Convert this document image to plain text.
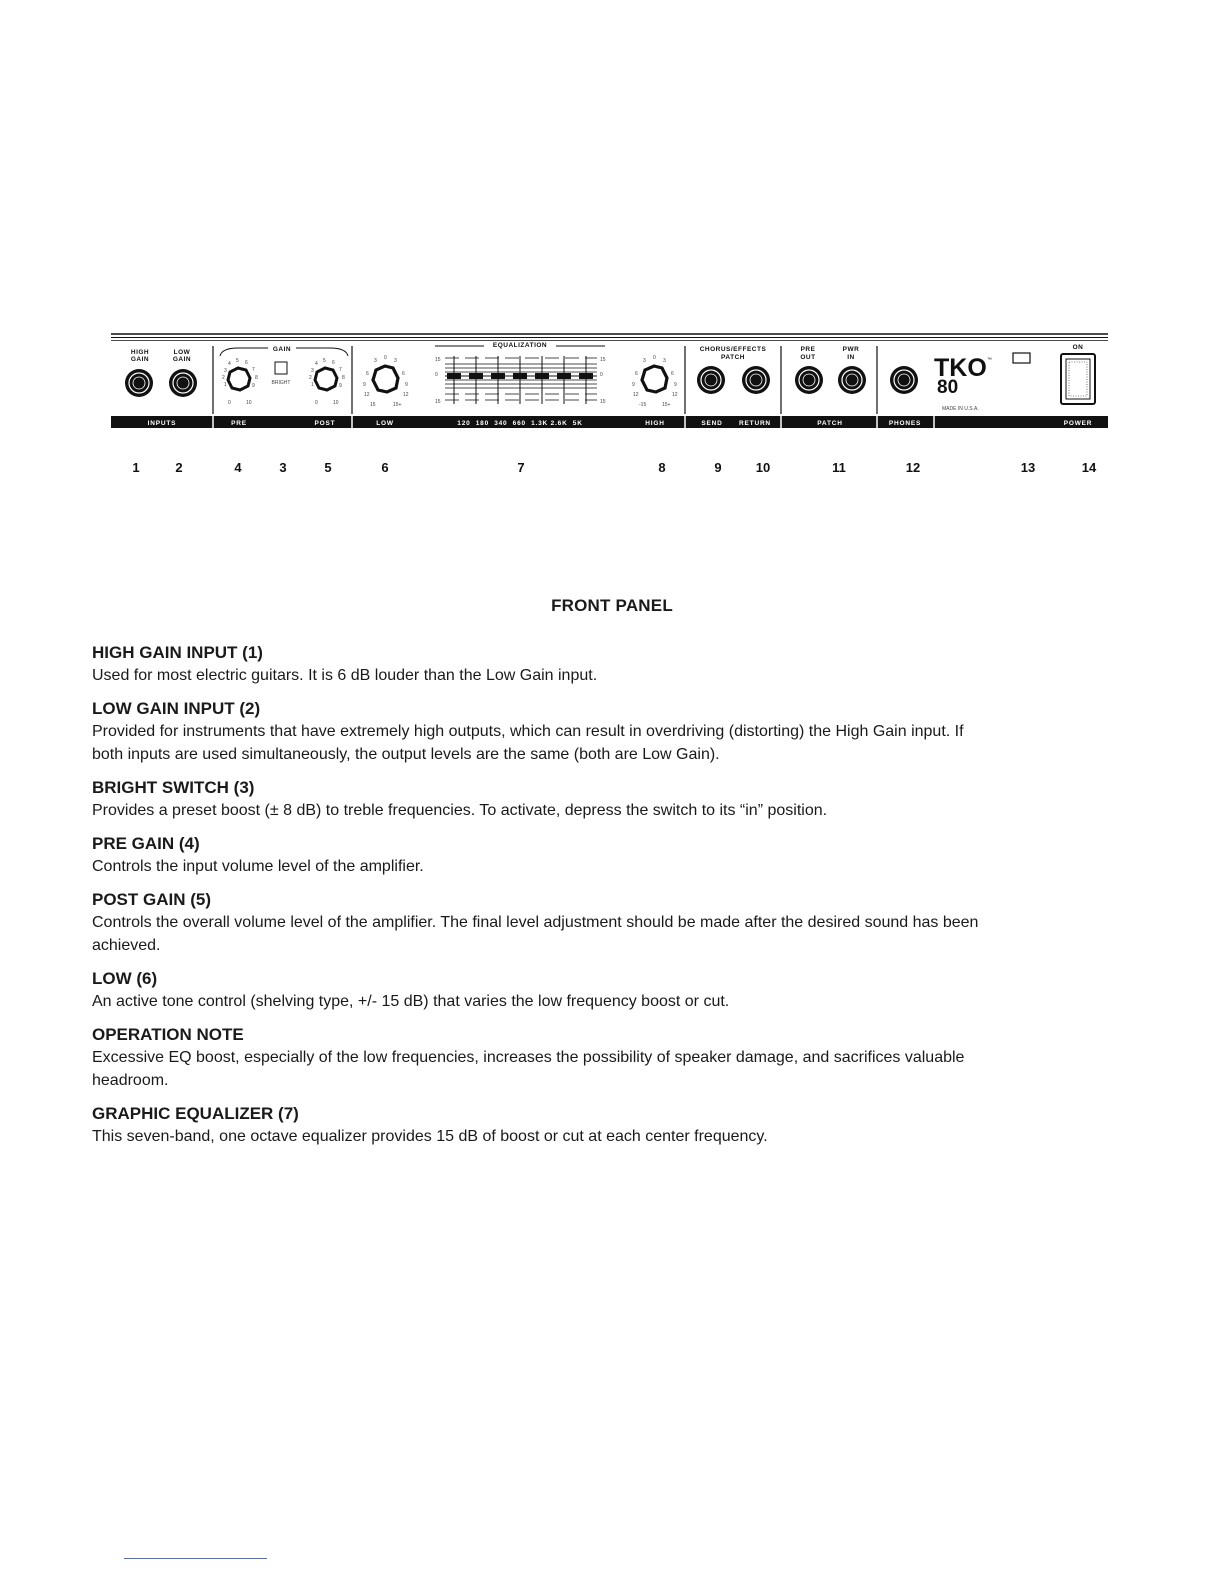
HIGH
GAIN
LOW
GAIN
GAIN
3
2
1
4 5 6
7
8
9
0	10
BRIGHT
3
2
1
4 5 6
7
8
9
0	10
3 0 3
6	6
9	9
12	12
15	15+
EQUALIZATION
15
0
15
15
0
15
3 0 3
6	6
9	9
12	12
-15	15+
CHORUS/EFFECTS
PATCH
PRE
OUT
PWR
IN	TKO ™
80
MADE IN U.S.A.
ON
INPUTS	PRE	POST	LOW	120  180  340  660  1.3K 2.6K  5K	HIGH	SEND	RETURN	PATCH	PHONES	POWER
1	2	4	3	5	6	7	8	9	10	11	12	13	14
FRONT PANEL
HIGH GAIN INPUT (1)
Used for most electric guitars. It is 6 dB louder than the Low Gain input.
LOW GAIN INPUT (2)
Provided for instruments that have extremely high outputs, which can result in overdriving (distorting) the High Gain input. If
both inputs are used simultaneously, the output levels are the same (both are Low Gain).
BRIGHT SWITCH (3)
Provides a preset boost (± 8 dB) to treble frequencies. To activate, depress the switch to its “in” position.
PRE GAIN (4)
Controls the input volume level of the amplifier.
POST GAIN (5)
Controls the overall volume level of the amplifier. The final level adjustment should be made after the desired sound has been
achieved.
LOW (6)
An active tone control (shelving type, +/- 15 dB) that varies the low frequency boost or cut.
OPERATION NOTE
Excessive EQ boost, especially of the low frequencies, increases the possibility of speaker damage, and sacrifices valuable
headroom.
GRAPHIC EQUALIZER (7)
This seven-band, one octave equalizer provides 15 dB of boost or cut at each center frequency.
